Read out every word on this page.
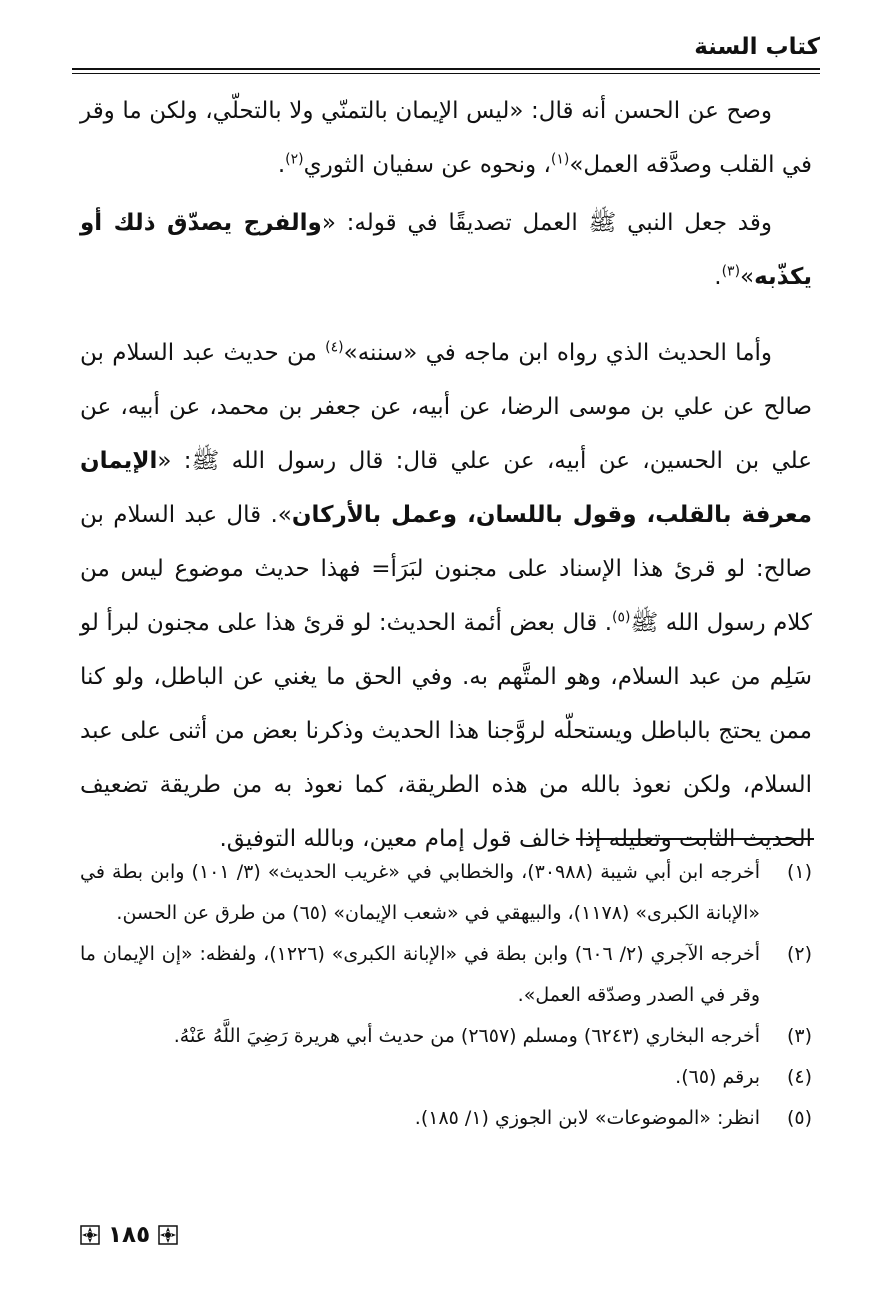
كتاب السنة

وصح عن الحسن أنه قال: «ليس الإيمان بالتمنّي ولا بالتحلّي، ولكن ما وقر في القلب وصدَّقه العمل»$^{(١)}$، ونحوه عن سفيان الثوري$^{(٢)}$.

وقد جعل النبي ﷺ العمل تصديقًا في قوله: «والفرج يصدّق ذلك أو يكذّبه»$^{(٣)}$.

وأما الحديث الذي رواه ابن ماجه في «سننه»$^{(٤)}$ من حديث عبد السلام بن صالح عن علي بن موسى الرضا، عن أبيه، عن جعفر بن محمد، عن أبيه، عن علي بن الحسين، عن أبيه، عن علي قال: قال رسول الله ﷺ: «الإيمان معرفة بالقلب، وقول باللسان، وعمل بالأركان». قال عبد السلام بن صالح: لو قرئ هذا الإسناد على مجنون لبَرَأ= فهذا حديث موضوع ليس من كلام رسول الله ﷺ$^{(٥)}$. قال بعض أئمة الحديث: لو قرئ هذا على مجنون لبرأ لو سَلِم من عبد السلام، وهو المتَّهم به. وفي الحق ما يغني عن الباطل، ولو كنا ممن يحتج بالباطل ويستحلّه لروَّجنا هذا الحديث وذكرنا بعض من أثنى على عبد السلام، ولكن نعوذ بالله من هذه الطريقة، كما نعوذ به من طريقة تضعيف الحديث الثابت وتعليله إذا خالف قول إمام معين، وبالله التوفيق.

(١)
أخرجه ابن أبي شيبة (٣٠٩٨٨)، والخطابي في «غريب الحديث» (٣/ ١٠١) وابن بطة في «الإبانة الكبرى» (١١٧٨)، والبيهقي في «شعب الإيمان» (٦٥) من طرق عن الحسن.
(٢)
أخرجه الآجري (٢/ ٦٠٦) وابن بطة في «الإبانة الكبرى» (١٢٢٦)، ولفظه: «إن الإيمان ما وقر في الصدر وصدّقه العمل».
(٣)
أخرجه البخاري (٦٢٤٣) ومسلم (٢٦٥٧) من حديث أبي هريرة رَضِيَ اللَّهُ عَنْهُ.
(٤)
برقم (٦٥).
(٥)
انظر: «الموضوعات» لابن الجوزي (١/ ١٨٥).
١٨٥
